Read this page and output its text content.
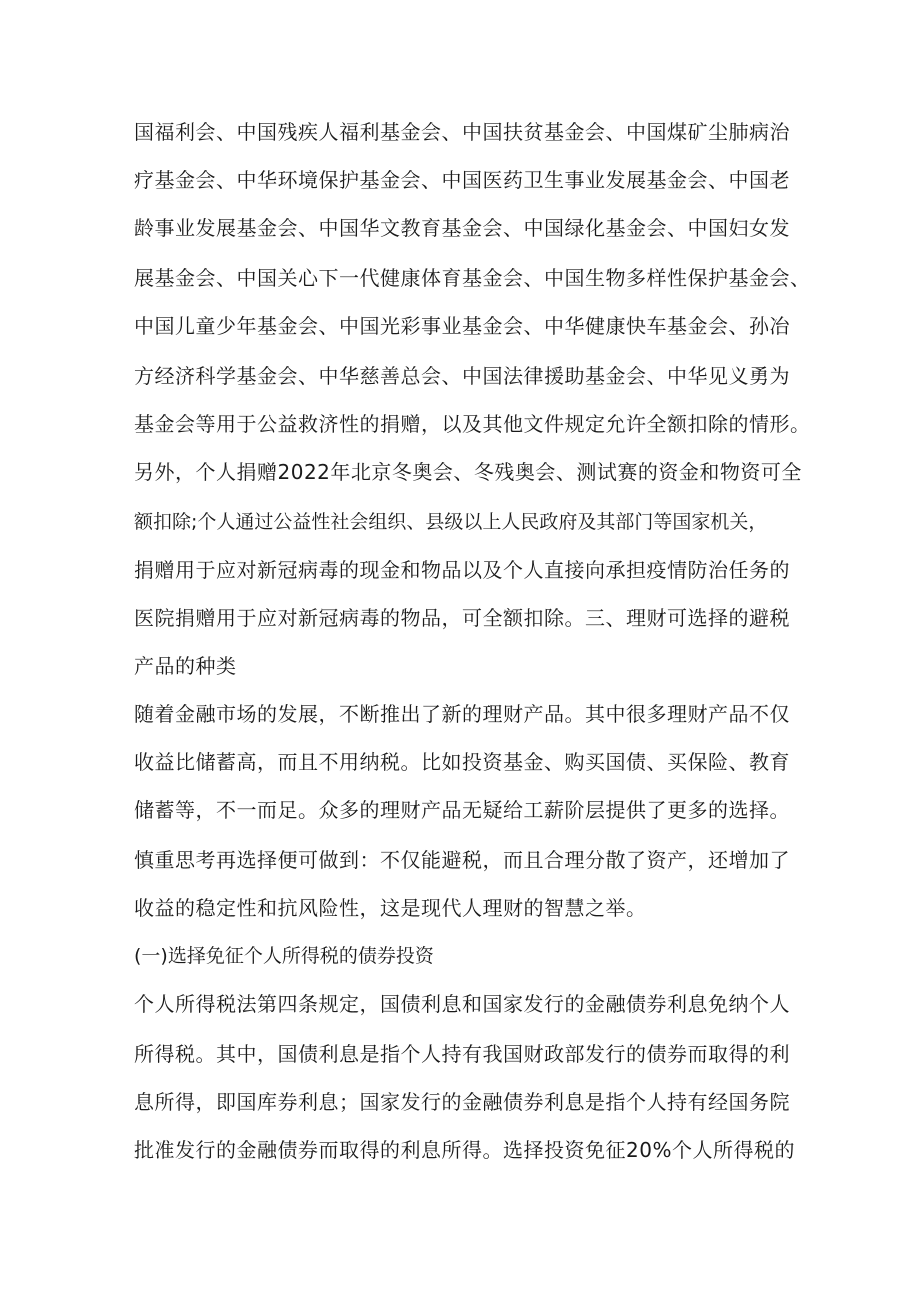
国福利会、中国残疾人福利基金会、中国扶贫基金会、中国煤矿尘肺病治
疗基金会、中华环境保护基金会、中国医药卫生事业发展基金会、中国老
龄事业发展基金会、中国华文教育基金会、中国绿化基金会、中国妇女发
展基金会、中国关心下一代健康体育基金会、中国生物多样性保护基金会、
中国儿童少年基金会、中国光彩事业基金会、中华健康快车基金会、孙冶
方经济科学基金会、中华慈善总会、中国法律援助基金会、中华见义勇为
基金会等用于公益救济性的捐赠，以及其他文件规定允许全额扣除的情形。
另外，个人捐赠2022年北京冬奥会、冬残奥会、测试赛的资金和物资可全
额扣除;个人通过公益性社会组织、县级以上人民政府及其部门等国家机关，
捐赠用于应对新冠病毒的现金和物品以及个人直接向承担疫情防治任务的
医院捐赠用于应对新冠病毒的物品，可全额扣除。三、理财可选择的避税
产品的种类
随着金融市场的发展，不断推出了新的理财产品。其中很多理财产品不仅
收益比储蓄高，而且不用纳税。比如投资基金、购买国债、买保险、教育
储蓄等，不一而足。众多的理财产品无疑给工薪阶层提供了更多的选择。
慎重思考再选择便可做到：不仅能避税，而且合理分散了资产，还增加了
收益的稳定性和抗风险性，这是现代人理财的智慧之举。
(一)选择免征个人所得税的债券投资
个人所得税法第四条规定，国债利息和国家发行的金融债券利息免纳个人
所得税。其中，国债利息是指个人持有我国财政部发行的债券而取得的利
息所得，即国库券利息；国家发行的金融债券利息是指个人持有经国务院
批准发行的金融债券而取得的利息所得。选择投资免征20%个人所得税的
